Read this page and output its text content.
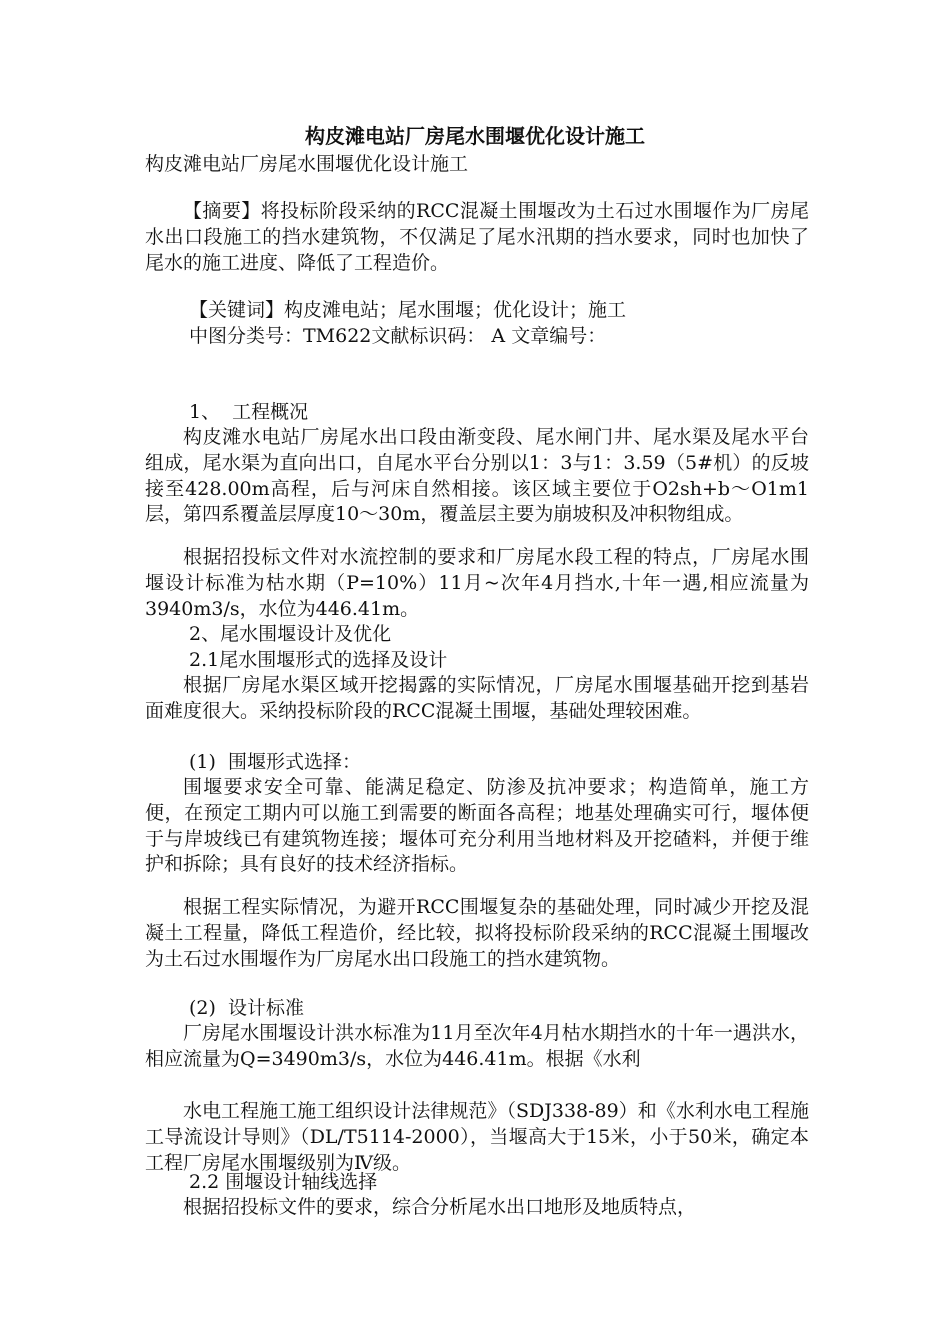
构皮滩电站厂房尾水围堰优化设计施工
构皮滩电站厂房尾水围堰优化设计施工

【摘要】将投标阶段采纳的RCC混凝土围堰改为土石过水围堰作为厂房尾水出口段施工的挡水建筑物，不仅满足了尾水汛期的挡水要求，同时也加快了尾水的施工进度、降低了工程造价。

【关键词】构皮滩电站；尾水围堰；优化设计；施工
中图分类号：TM622文献标识码： A 文章编号：
1、  工程概况

构皮滩水电站厂房尾水出口段由渐变段、尾水闸门井、尾水渠及尾水平台组成，尾水渠为直向出口，自尾水平台分别以1：3与1：3.59（5#机）的反坡接至428.00m高程，后与河床自然相接。该区域主要位于O2sh+b～O1m1层，第四系覆盖层厚度10～30m，覆盖层主要为崩坡积及冲积物组成。

根据招投标文件对水流控制的要求和厂房尾水段工程的特点，厂房尾水围堰设计标准为枯水期（P=10%）11月~次年4月挡水,十年一遇,相应流量为3940m3/s，水位为446.41m。

2、尾水围堰设计及优化
2.1尾水围堰形式的选择及设计

根据厂房尾水渠区域开挖揭露的实际情况，厂房尾水围堰基础开挖到基岩面难度很大。采纳投标阶段的RCC混凝土围堰，基础处理较困难。

(1)  围堰形式选择：

围堰要求安全可靠、能满足稳定、防渗及抗冲要求；构造简单，施工方便，在预定工期内可以施工到需要的断面各高程；地基处理确实可行，堰体便于与岸坡线已有建筑物连接；堰体可充分利用当地材料及开挖碴料，并便于维护和拆除；具有良好的技术经济指标。

根据工程实际情况，为避开RCC围堰复杂的基础处理，同时减少开挖及混凝土工程量，降低工程造价，经比较，拟将投标阶段采纳的RCC混凝土围堰改为土石过水围堰作为厂房尾水出口段施工的挡水建筑物。

(2)  设计标准

厂房尾水围堰设计洪水标准为11月至次年4月枯水期挡水的十年一遇洪水，相应流量为Q=3490m3/s，水位为446.41m。根据《水利

水电工程施工施工组织设计法律规范》（SDJ338-89）和《水利水电工程施工导流设计导则》（DL/T5114-2000），当堰高大于15米，小于50米，确定本工程厂房尾水围堰级别为Ⅳ级。

2.2 围堰设计轴线选择

根据招投标文件的要求，综合分析尾水出口地形及地质特点，
